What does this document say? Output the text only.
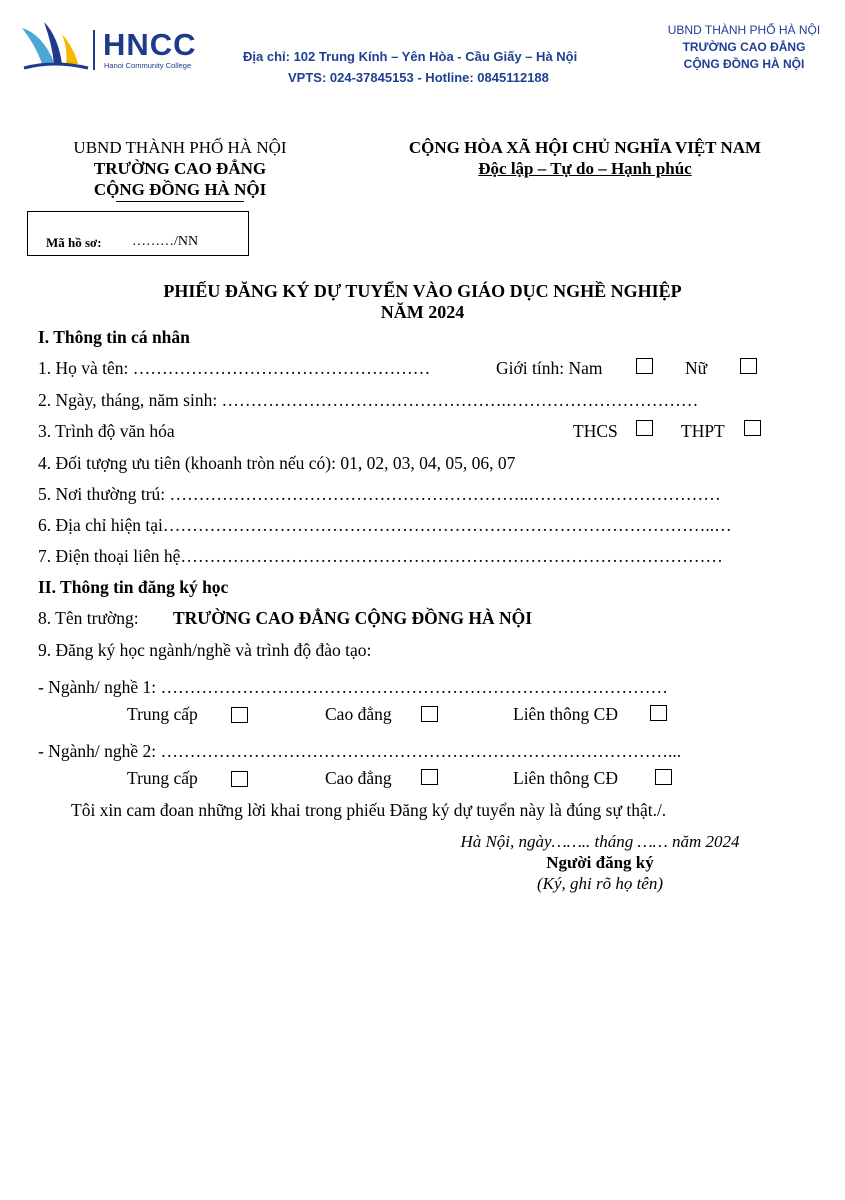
HNCC
Hanoi Community College
Địa chỉ: 102 Trung Kính – Yên Hòa - Cầu Giấy – Hà Nội
VPTS: 024-37845153 - Hotline: 0845112188
UBND THÀNH PHỐ HÀ NỘI
TRƯỜNG CAO ĐẲNG
CỘNG ĐỒNG HÀ NỘI
UBND THÀNH PHỐ HÀ NỘI
TRƯỜNG CAO ĐẲNG
CỘNG ĐỒNG HÀ NỘI
CỘNG HÒA XÃ HỘI CHỦ NGHĨA VIỆT NAM
Độc lập – Tự do – Hạnh phúc
Mã hồ sơ: ………/NN
PHIẾU ĐĂNG KÝ DỰ TUYỂN VÀO GIÁO DỤC NGHỀ NGHIỆP
NĂM 2024
I. Thông tin cá nhân
1. Họ và tên: ……………………………………………	Giới tính: Nam	Nữ
2. Ngày, tháng, năm sinh: ………………………………………….……………………………
3. Trình độ văn hóa	THCS	THPT
4. Đối tượng ưu tiên (khoanh tròn nếu có): 01, 02, 03, 04, 05, 06, 07
5. Nơi thường trú: ……………………………………………………..……………………………
6. Địa chỉ hiện tại…………………………………………………………………………………..…
7. Điện thoại liên hệ…………………………………………………………………………………
II. Thông tin đăng ký học
8. Tên trường: TRƯỜNG CAO ĐẲNG CỘNG ĐỒNG HÀ NỘI
9. Đăng ký học ngành/nghề và trình độ đào tạo:
- Ngành/ nghề 1: ……………………………………………………………………………
Trung cấp	Cao đẳng	Liên thông CĐ
- Ngành/ nghề 2: ……………………………………………………………………………...
Trung cấp	Cao đẳng	Liên thông CĐ
Tôi xin cam đoan những lời khai trong phiếu Đăng ký dự tuyển này là đúng sự thật./.
Hà Nội, ngày…….. tháng …… năm 2024
Người đăng ký
(Ký, ghi rõ họ tên)
